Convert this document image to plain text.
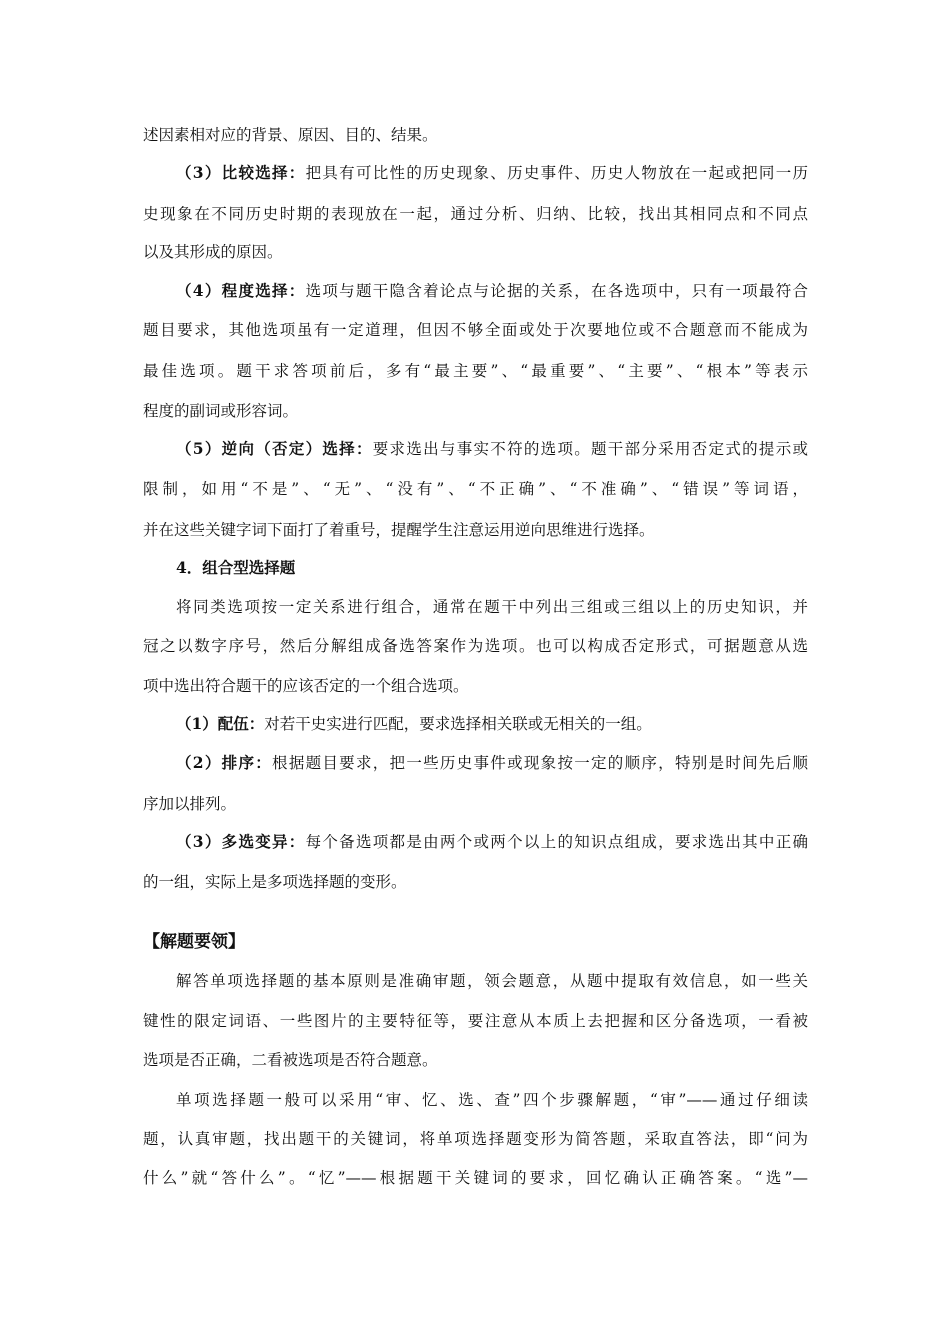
述因素相对应的背景、原因、目的、结果。
（3）比较选择：把具有可比性的历史现象、历史事件、历史人物放在一起或把同一历
史现象在不同历史时期的表现放在一起，通过分析、归纳、比较，找出其相同点和不同点
以及其形成的原因。
（4）程度选择：选项与题干隐含着论点与论据的关系，在各选项中，只有一项最符合
题目要求，其他选项虽有一定道理，但因不够全面或处于次要地位或不合题意而不能成为
最佳选项。题干求答项前后，多有“最主要”、“最重要”、“主要”、“根本”等表示
程度的副词或形容词。
（5）逆向（否定）选择：要求选出与事实不符的选项。题干部分采用否定式的提示或
限制，如用“不是”、“无”、“没有”、“不正确”、“不准确”、“错误”等词语，
并在这些关键字词下面打了着重号，提醒学生注意运用逆向思维进行选择。
4．组合型选择题
将同类选项按一定关系进行组合，通常在题干中列出三组或三组以上的历史知识，并
冠之以数字序号，然后分解组成备选答案作为选项。也可以构成否定形式，可据题意从选
项中选出符合题干的应该否定的一个组合选项。
（1）配伍：对若干史实进行匹配，要求选择相关联或无相关的一组。
（2）排序：根据题目要求，把一些历史事件或现象按一定的顺序，特别是时间先后顺
序加以排列。
（3）多选变异：每个备选项都是由两个或两个以上的知识点组成，要求选出其中正确
的一组，实际上是多项选择题的变形。
【解题要领】
解答单项选择题的基本原则是准确审题，领会题意，从题中提取有效信息，如一些关
键性的限定词语、一些图片的主要特征等，要注意从本质上去把握和区分备选项，一看被
选项是否正确，二看被选项是否符合题意。
单项选择题一般可以采用“审、忆、选、查”四个步骤解题，“审”——通过仔细读
题，认真审题，找出题干的关键词，将单项选择题变形为简答题，采取直答法，即“问为
什么”就“答什么”。“忆”——根据题干关键词的要求，回忆确认正确答案。“选”—
